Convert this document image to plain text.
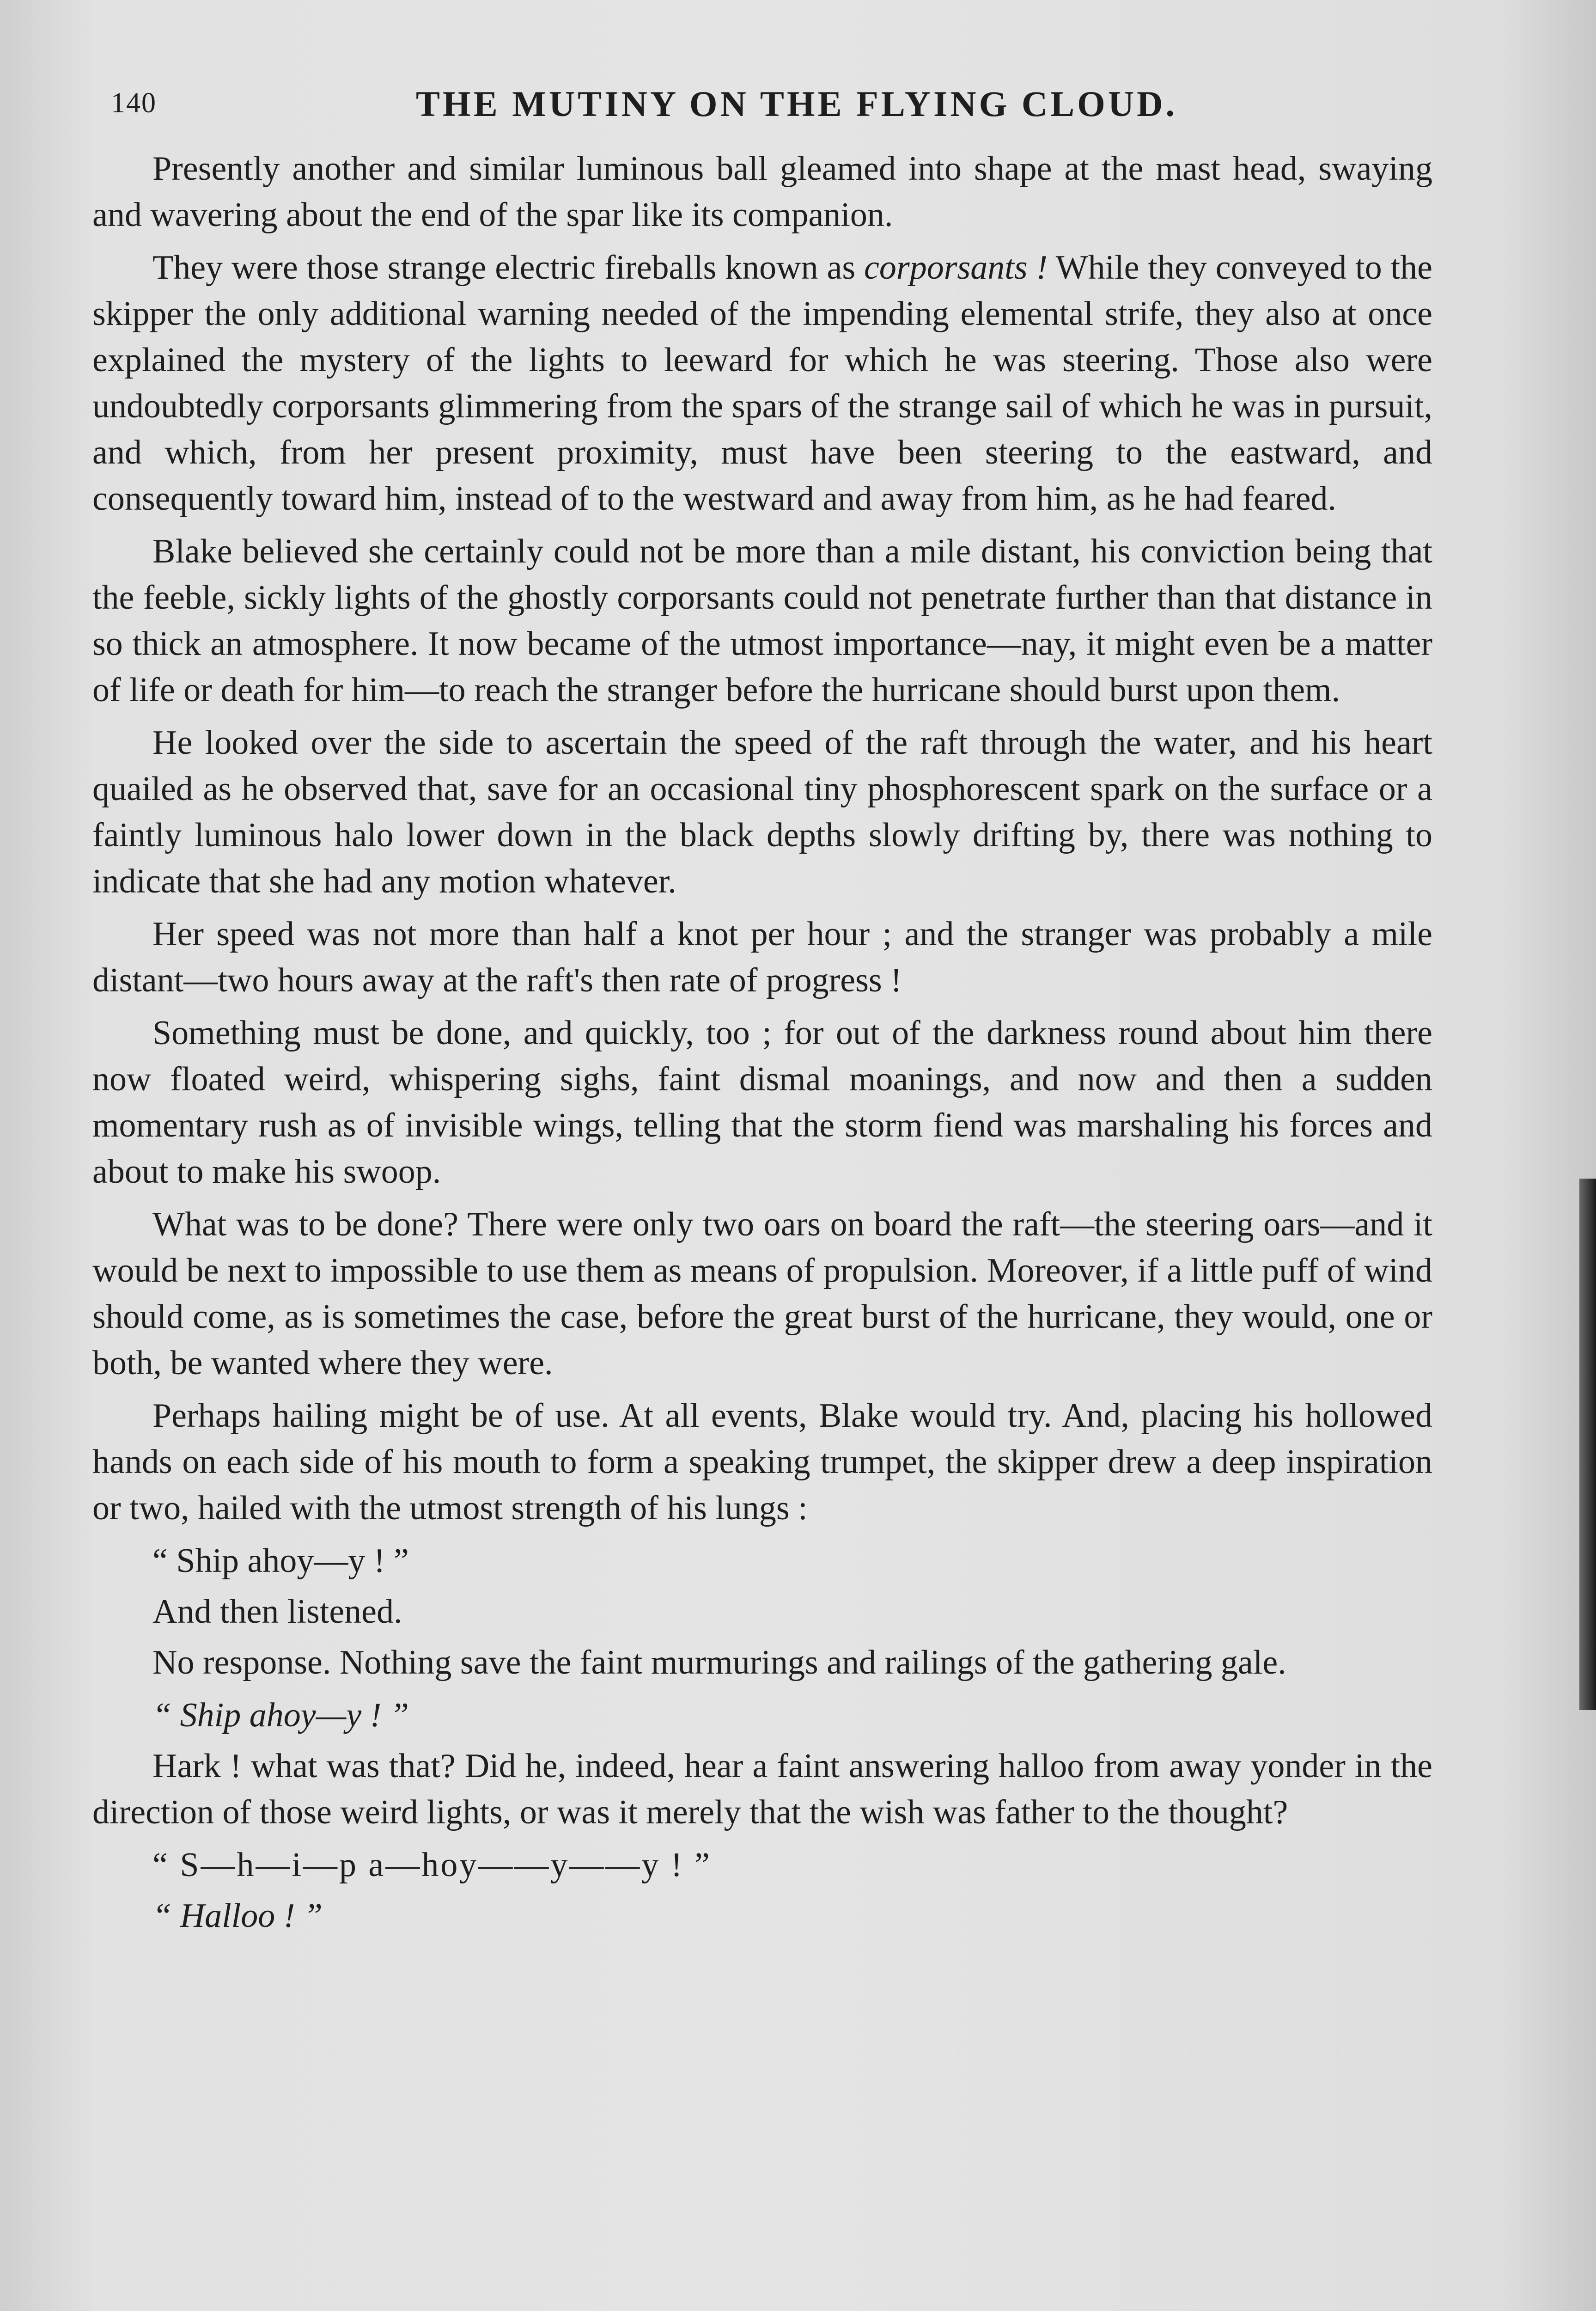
140	THE MUTINY ON THE FLYING CLOUD.

Presently another and similar luminous ball gleamed into shape at the mast head, swaying and wavering about the end of the spar like its companion.

They were those strange electric fireballs known as corporsants ! While they conveyed to the skipper the only additional warning needed of the impending elemental strife, they also at once explained the mystery of the lights to leeward for which he was steering. Those also were undoubtedly corporsants glimmering from the spars of the strange sail of which he was in pursuit, and which, from her present proximity, must have been steering to the eastward, and consequently toward him, instead of to the westward and away from him, as he had feared.

Blake believed she certainly could not be more than a mile distant, his conviction being that the feeble, sickly lights of the ghostly corporsants could not penetrate further than that distance in so thick an atmosphere. It now became of the utmost importance—nay, it might even be a matter of life or death for him—to reach the stranger before the hurricane should burst upon them.

He looked over the side to ascertain the speed of the raft through the water, and his heart quailed as he observed that, save for an occasional tiny phosphorescent spark on the surface or a faintly luminous halo lower down in the black depths slowly drifting by, there was nothing to indicate that she had any motion whatever.

Her speed was not more than half a knot per hour ; and the stranger was probably a mile distant—two hours away at the raft's then rate of progress !

Something must be done, and quickly, too ; for out of the darkness round about him there now floated weird, whispering sighs, faint dismal moanings, and now and then a sudden momentary rush as of invisible wings, telling that the storm fiend was marshaling his forces and about to make his swoop.

What was to be done? There were only two oars on board the raft—the steering oars—and it would be next to impossible to use them as means of propulsion. Moreover, if a little puff of wind should come, as is sometimes the case, before the great burst of the hurricane, they would, one or both, be wanted where they were.

Perhaps hailing might be of use. At all events, Blake would try. And, placing his hollowed hands on each side of his mouth to form a speaking trumpet, the skipper drew a deep inspiration or two, hailed with the utmost strength of his lungs :

“ Ship ahoy—y ! ”

And then listened.

No response. Nothing save the faint murmurings and railings of the gathering gale.

“ Ship ahoy—y ! ”

Hark ! what was that? Did he, indeed, hear a faint answering halloo from away yonder in the direction of those weird lights, or was it merely that the wish was father to the thought?

“ S—h—i—p a—hoy——y——y ! ”

“ Halloo ! ”
